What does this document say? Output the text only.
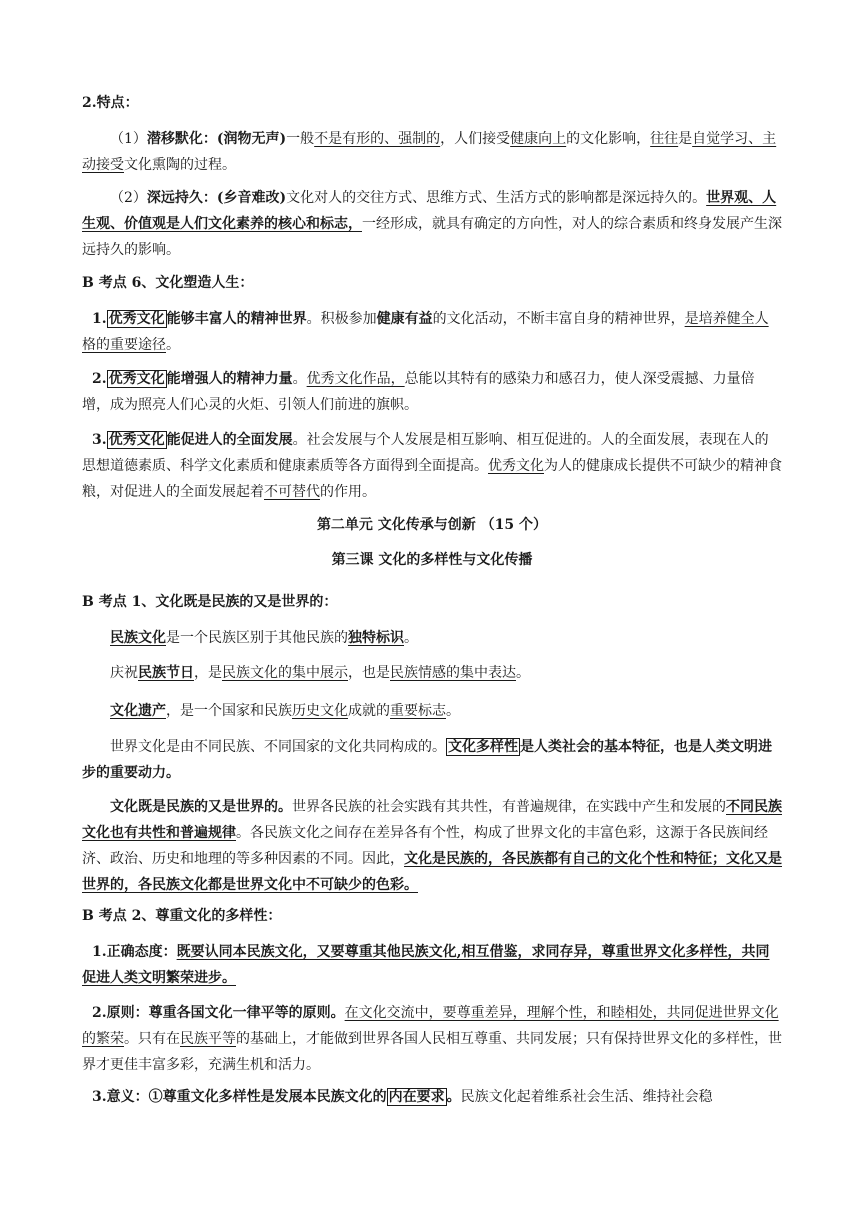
2.特点：

（1）潜移默化：(润物无声)一般不是有形的、强制的，人们接受健康向上的文化影响，往往是自觉学习、主动接受文化熏陶的过程。

（2）深远持久：(乡音难改)文化对人的交往方式、思维方式、生活方式的影响都是深远持久的。世界观、人生观、价值观是人们文化素养的核心和标志，一经形成，就具有确定的方向性，对人的综合素质和终身发展产生深远持久的影响。

B 考点 6、文化塑造人生：

1. 优秀文化 能够丰富人的精神世界。积极参加健康有益的文化活动，不断丰富自身的精神世界，是培养健全人格的重要途径。

2. 优秀文化 能增强人的精神力量。优秀文化作品，总能以其特有的感染力和感召力，使人深受震撼、力量倍增，成为照亮人们心灵的火炬、引领人们前进的旗帜。

3. 优秀文化 能促进人的全面发展。社会发展与个人发展是相互影响、相互促进的。人的全面发展，表现在人的思想道德素质、科学文化素质和健康素质等各方面得到全面提高。优秀文化为人的健康成长提供不可缺少的精神食粮，对促进人的全面发展起着不可替代的作用。

第二单元 文化传承与创新 （15 个）

第三课 文化的多样性与文化传播

B 考点 1、文化既是民族的又是世界的：

民族文化是一个民族区别于其他民族的独特标识。

庆祝民族节日，是民族文化的集中展示，也是民族情感的集中表达。

文化遗产，是一个国家和民族历史文化成就的重要标志。

世界文化是由不同民族、不同国家的文化共同构成的。 文化多样性 是人类社会的基本特征，也是人类文明进步的重要动力。

文化既是民族的又是世界的。世界各民族的社会实践有其共性，有普遍规律，在实践中产生和发展的不同民族文化也有共性和普遍规律。各民族文化之间存在差异各有个性，构成了世界文化的丰富色彩，这源于各民族间经济、政治、历史和地理的等多种因素的不同。因此，文化是民族的，各民族都有自己的文化个性和特征；文化又是世界的，各民族文化都是世界文化中不可缺少的色彩。

B 考点 2、尊重文化的多样性：

1.正确态度：既要认同本民族文化，又要尊重其他民族文化,相互借鉴，求同存异，尊重世界文化多样性，共同促进人类文明繁荣进步。

2.原则：尊重各国文化一律平等的原则。在文化交流中，要尊重差异，理解个性，和睦相处，共同促进世界文化的繁荣。只有在民族平等的基础上，才能做到世界各国人民相互尊重、共同发展；只有保持世界文化的多样性，世界才更佳丰富多彩，充满生机和活力。

3.意义：①尊重文化多样性是发展本民族文化的 内在要求 。民族文化起着维系社会生活、维持社会稳
